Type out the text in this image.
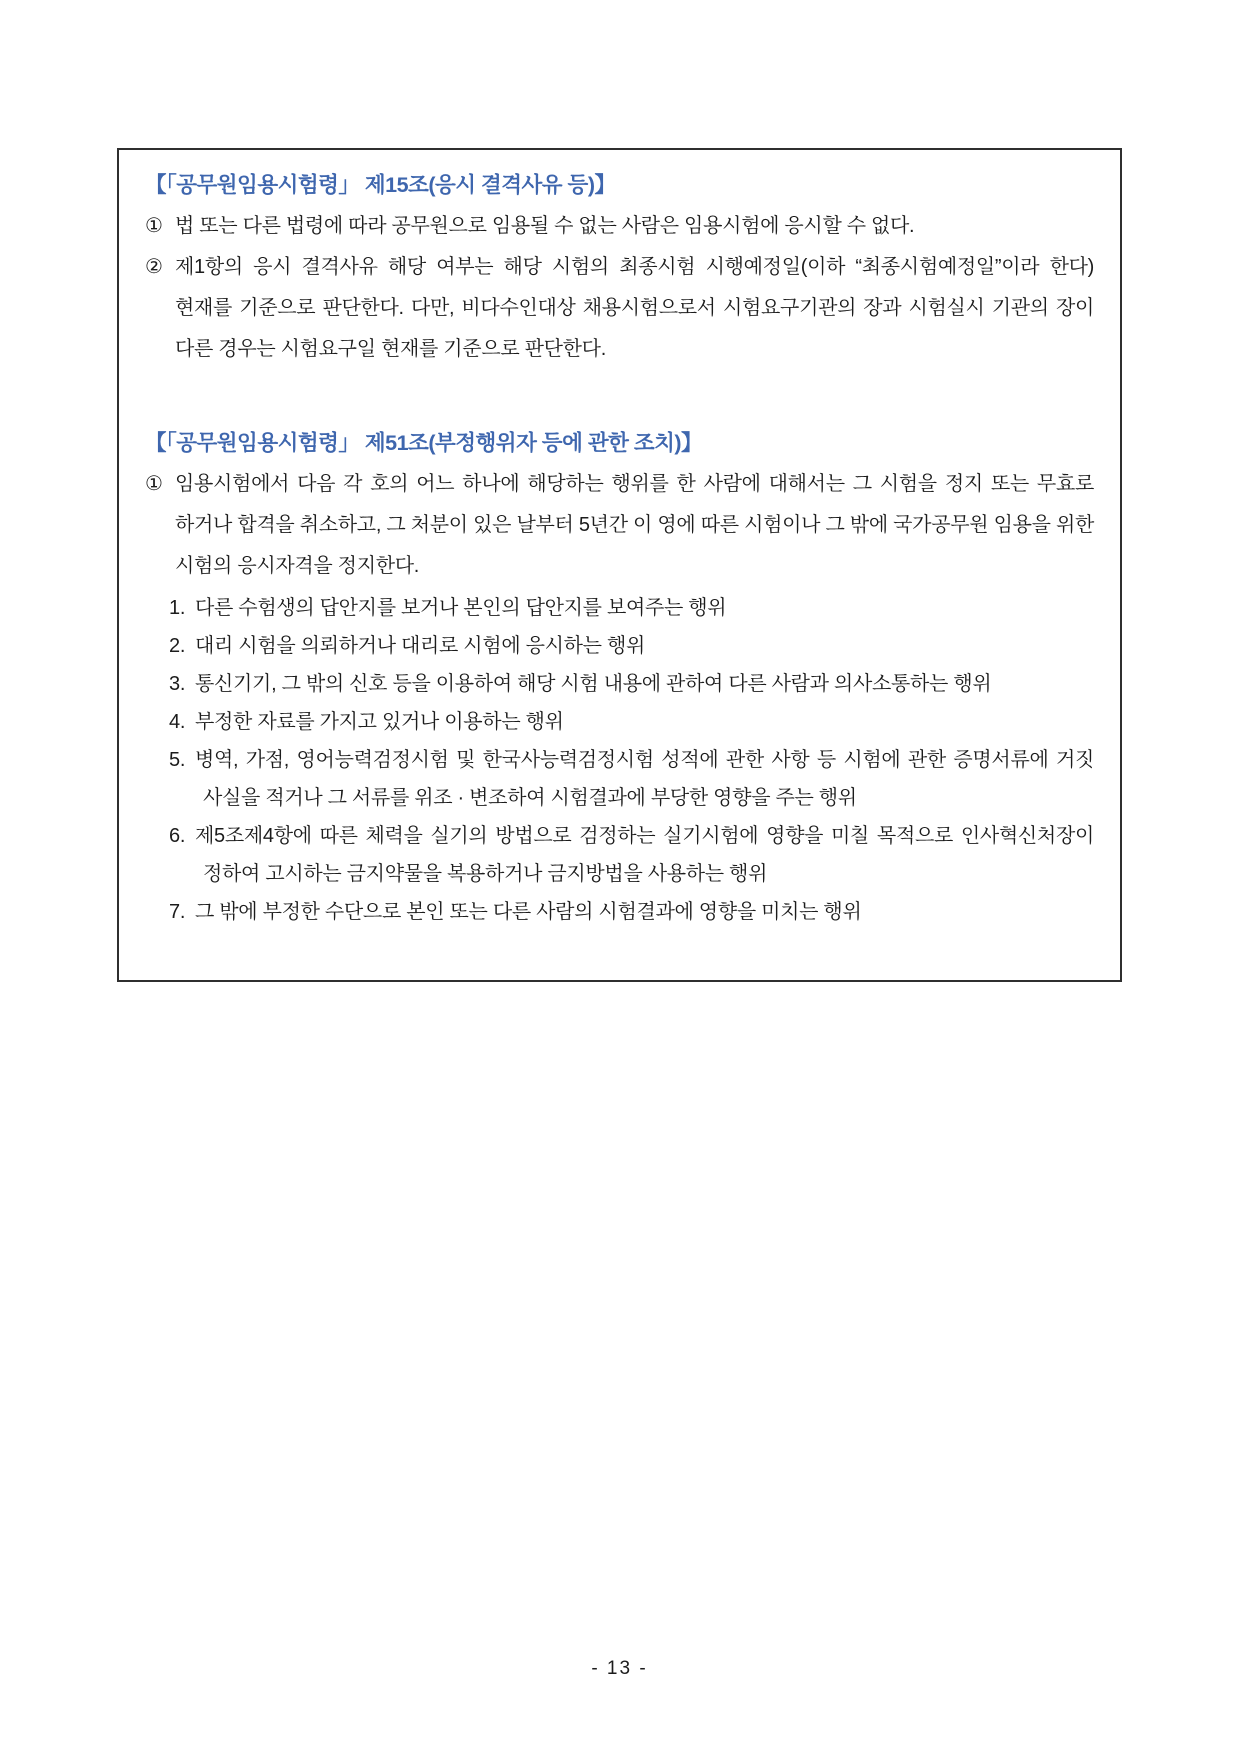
【「공무원임용시험령」 제15조(응시 결격사유 등)】

① 법 또는 다른 법령에 따라 공무원으로 임용될 수 없는 사람은 임용시험에 응시할 수 없다.

② 제1항의 응시 결격사유 해당 여부는 해당 시험의 최종시험 시행예정일(이하 “최종시험예정일”이라 한다) 현재를 기준으로 판단한다. 다만, 비다수인대상 채용시험으로서 시험요구기관의 장과 시험실시 기관의 장이 다른 경우는 시험요구일 현재를 기준으로 판단한다.

【「공무원임용시험령」 제51조(부정행위자 등에 관한 조치)】

① 임용시험에서 다음 각 호의 어느 하나에 해당하는 행위를 한 사람에 대해서는 그 시험을 정지 또는 무효로 하거나 합격을 취소하고, 그 처분이 있은 날부터 5년간 이 영에 따른 시험이나 그 밖에 국가공무원 임용을 위한 시험의 응시자격을 정지한다.

1. 다른 수험생의 답안지를 보거나 본인의 답안지를 보여주는 행위

2. 대리 시험을 의뢰하거나 대리로 시험에 응시하는 행위

3. 통신기기, 그 밖의 신호 등을 이용하여 해당 시험 내용에 관하여 다른 사람과 의사소통하는 행위

4. 부정한 자료를 가지고 있거나 이용하는 행위

5. 병역, 가점, 영어능력검정시험 및 한국사능력검정시험 성적에 관한 사항 등 시험에 관한 증명서류에 거짓 사실을 적거나 그 서류를 위조 · 변조하여 시험결과에 부당한 영향을 주는 행위

6. 제5조제4항에 따른 체력을 실기의 방법으로 검정하는 실기시험에 영향을 미칠 목적으로 인사혁신처장이 정하여 고시하는 금지약물을 복용하거나 금지방법을 사용하는 행위

7. 그 밖에 부정한 수단으로 본인 또는 다른 사람의 시험결과에 영향을 미치는 행위

- 13 -
